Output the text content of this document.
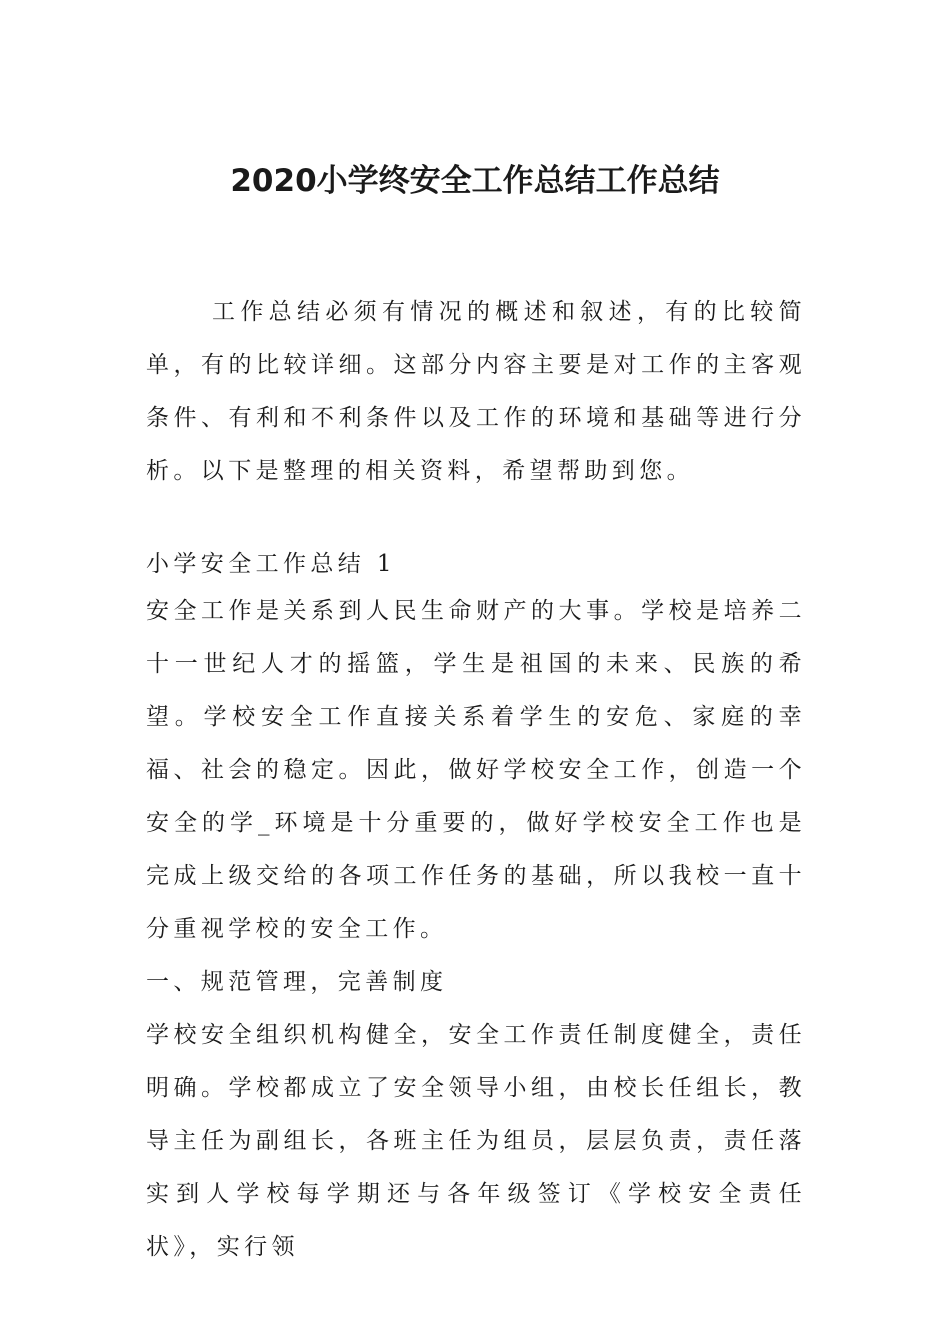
2020小学终安全工作总结工作总结

工作总结必须有情况的概述和叙述，有的比较简单，有的比较详细。这部分内容主要是对工作的主客观条件、有利和不利条件以及工作的环境和基础等进行分析。以下是整理的相关资料，希望帮助到您。

小学安全工作总结 1

安全工作是关系到人民生命财产的大事。学校是培养二十一世纪人才的摇篮，学生是祖国的未来、民族的希望。学校安全工作直接关系着学生的安危、家庭的幸福、社会的稳定。因此，做好学校安全工作，创造一个安全的学_环境是十分重要的，做好学校安全工作也是完成上级交给的各项工作任务的基础，所以我校一直十分重视学校的安全工作。

一、规范管理，完善制度

学校安全组织机构健全，安全工作责任制度健全，责任明确。学校都成立了安全领导小组，由校长任组长，教导主任为副组长，各班主任为组员，层层负责，责任落实到人学校每学期还与各年级签订《学校安全责任状》，实行领
